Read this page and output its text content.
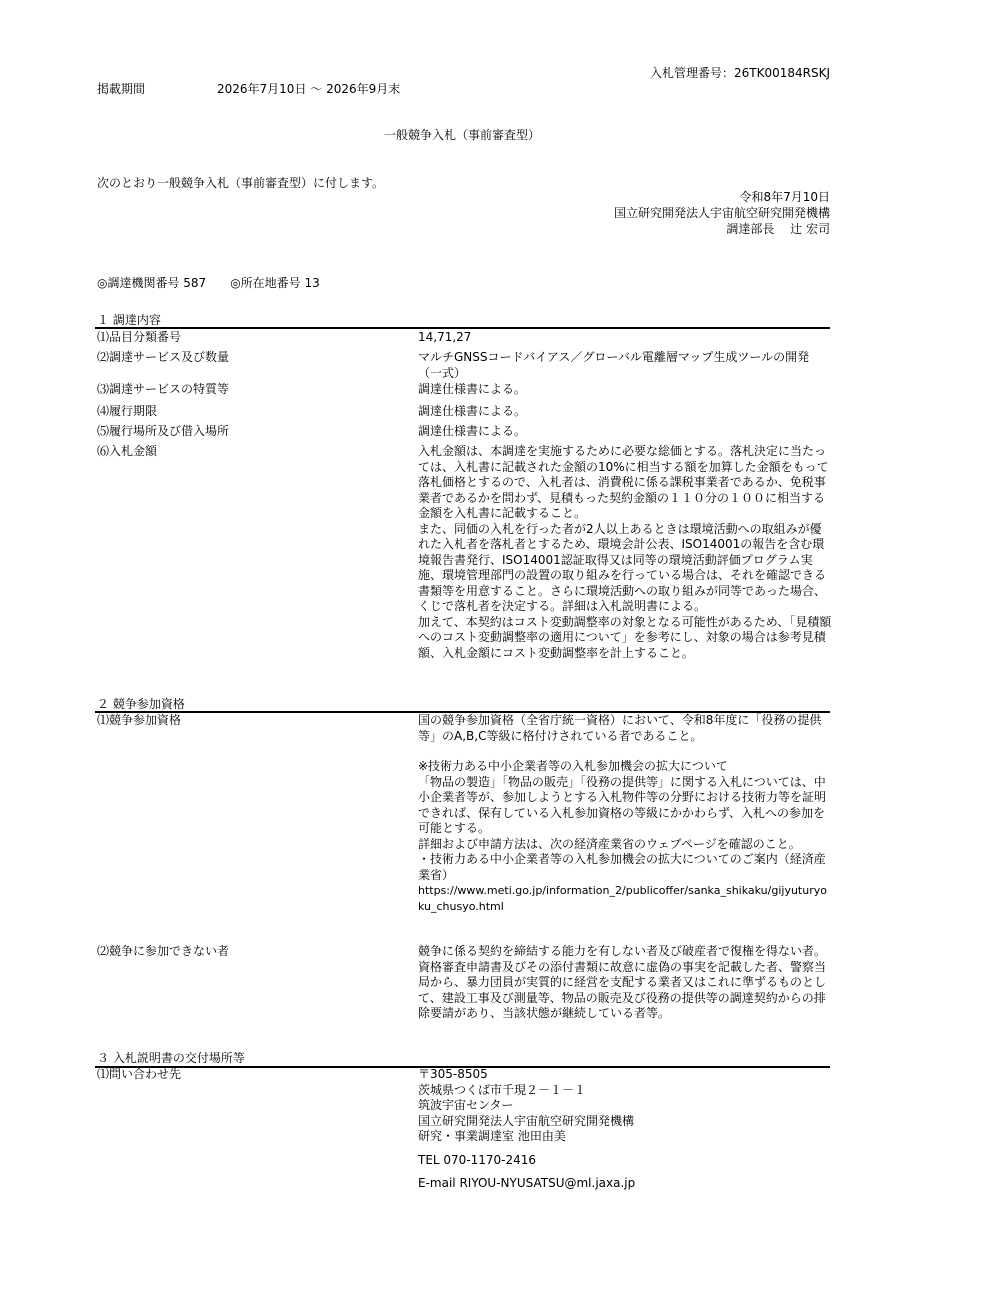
入札管理番号：26TK00184RSKJ
掲載期間	2026年7月10日 ～ 2026年9月末
一般競争入札（事前審査型）
次のとおり一般競争入札（事前審査型）に付します。
令和8年7月10日
国立研究開発法人宇宙航空研究開発機構
調達部長　 辻 宏司
◎調達機関番号 587　　◎所在地番号 13
１ 調達内容
⑴品目分類番号	14,71,27

⑵調達サービス及び数量	マルチGNSSコードバイアス／グローバル電離層マップ生成ツールの開発（一式）

⑶調達サービスの特質等	調達仕様書による。

⑷履行期限	調達仕様書による。

⑸履行場所及び借入場所	調達仕様書による。

⑹入札金額	入札金額は、本調達を実施するために必要な総価とする。落札決定に当たっては、入札書に記載された金額の10%に相当する額を加算した金額をもって落札価格とするので、入札者は、消費税に係る課税事業者であるか、免税事業者であるかを問わず、見積もった契約金額の１１０分の１００に相当する金額を入札書に記載すること。

また、同価の入札を行った者が2人以上あるときは環境活動への取組みが優れた入札者を落札者とするため、環境会計公表、ISO14001の報告を含む環境報告書発行、ISO14001認証取得又は同等の環境活動評価プログラム実施、環境管理部門の設置の取り組みを行っている場合は、それを確認できる書類等を用意すること。さらに環境活動への取り組みが同等であった場合、くじで落札者を決定する。詳細は入札説明書による。

加えて、本契約はコスト変動調整率の対象となる可能性があるため、「見積額へのコスト変動調整率の適用について」を参考にし、対象の場合は参考見積額、入札金額にコスト変動調整率を計上すること。

２ 競争参加資格
⑴競争参加資格	国の競争参加資格（全省庁統一資格）において、令和8年度に「役務の提供等」のA,B,C等級に格付けされている者であること。

※技術力ある中小企業者等の入札参加機会の拡大について

「物品の製造」「物品の販売」「役務の提供等」に関する入札については、中小企業者等が、参加しようとする入札物件等の分野における技術力等を証明できれば、保有している入札参加資格の等級にかかわらず、入札への参加を可能とする。

詳細および申請方法は、次の経済産業省のウェブページを確認のこと。

・技術力ある中小企業者等の入札参加機会の拡大についてのご案内（経済産業省）

https://www.meti.go.jp/information_2/publicoffer/sanka_shikaku/gijyuturyoku_chusyo.html

⑵競争に参加できない者	競争に係る契約を締結する能力を有しない者及び破産者で復権を得ない者。資格審査申請書及びその添付書類に故意に虚偽の事実を記載した者、警察当局から、暴力団員が実質的に経営を支配する業者又はこれに準ずるものとして、建設工事及び測量等、物品の販売及び役務の提供等の調達契約からの排除要請があり、当該状態が継続している者等。

３ 入札説明書の交付場所等
⑴問い合わせ先	〒305-8505

茨城県つくば市千現２－１－１

筑波宇宙センター

国立研究開発法人宇宙航空研究開発機構

研究・事業調達室 池田由美

TEL 070-1170-2416

E-mail RIYOU-NYUSATSU@ml.jaxa.jp
